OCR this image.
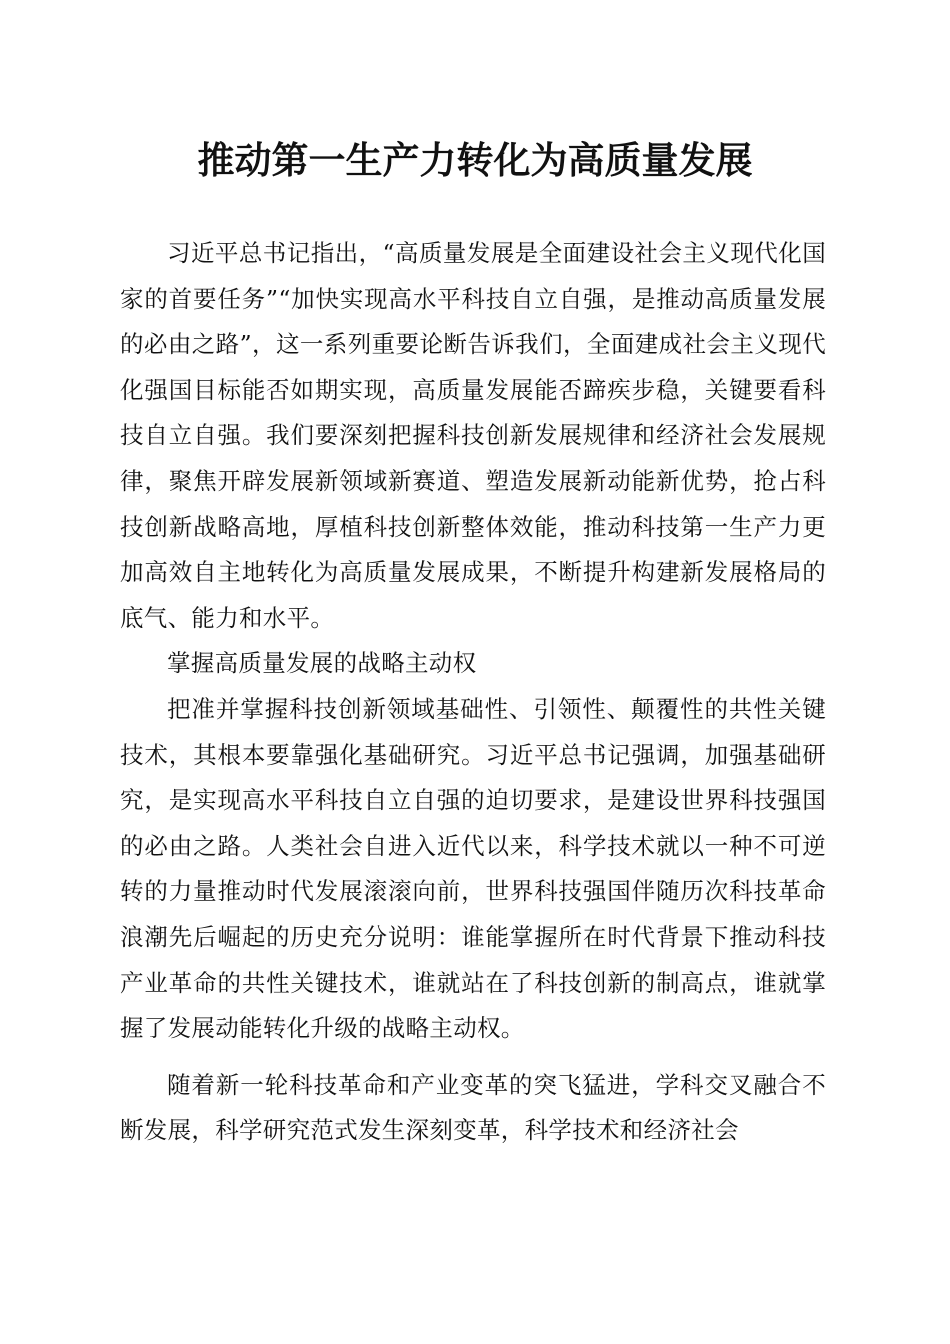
推动第一生产力转化为高质量发展

习近平总书记指出，“高质量发展是全面建设社会主义现代化国家的首要任务”“加快实现高水平科技自立自强，是推动高质量发展的必由之路”，这一系列重要论断告诉我们，全面建成社会主义现代化强国目标能否如期实现，高质量发展能否蹄疾步稳，关键要看科技自立自强。我们要深刻把握科技创新发展规律和经济社会发展规律，聚焦开辟发展新领域新赛道、塑造发展新动能新优势，抢占科技创新战略高地，厚植科技创新整体效能，推动科技第一生产力更加高效自主地转化为高质量发展成果，不断提升构建新发展格局的底气、能力和水平。

掌握高质量发展的战略主动权

把准并掌握科技创新领域基础性、引领性、颠覆性的共性关键技术，其根本要靠强化基础研究。习近平总书记强调，加强基础研究，是实现高水平科技自立自强的迫切要求，是建设世界科技强国的必由之路。人类社会自进入近代以来，科学技术就以一种不可逆转的力量推动时代发展滚滚向前，世界科技强国伴随历次科技革命浪潮先后崛起的历史充分说明：谁能掌握所在时代背景下推动科技产业革命的共性关键技术，谁就站在了科技创新的制高点，谁就掌握了发展动能转化升级的战略主动权。

随着新一轮科技革命和产业变革的突飞猛进，学科交叉融合不断发展，科学研究范式发生深刻变革，科学技术和经济社会
